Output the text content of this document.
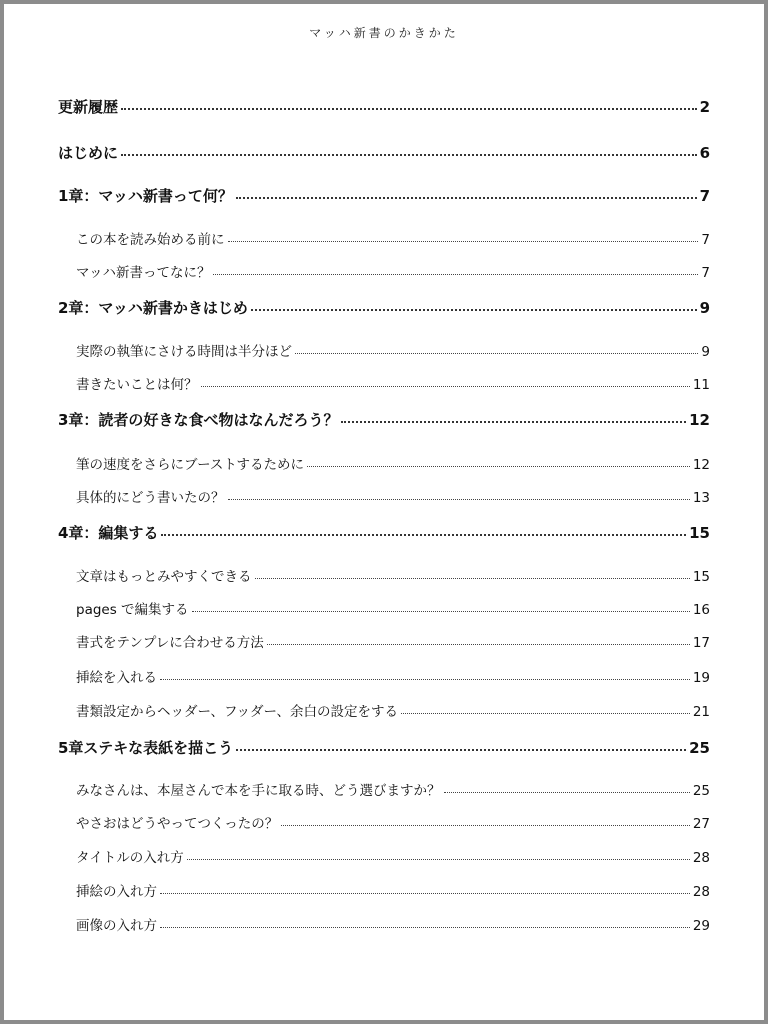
マッハ新書のかきかた
更新履歴	2
はじめに	6
1章：マッハ新書って何？	7
この本を読み始める前に	7
マッハ新書ってなに？	7
2章：マッハ新書かきはじめ	9
実際の執筆にさける時間は半分ほど	9
書きたいことは何？	11
3章：読者の好きな食べ物はなんだろう？	12
筆の速度をさらにブーストするために	12
具体的にどう書いたの？	13
4章：編集する	15
文章はもっとみやすくできる	15
pages で編集する	16
書式をテンプレに合わせる方法	17
挿絵を入れる	19
書類設定からヘッダー、フッダー、余白の設定をする	21
5章ステキな表紙を描こう	25
みなさんは、本屋さんで本を手に取る時、どう選びますか？	25
やさおはどうやってつくったの？	27
タイトルの入れ方	28
挿絵の入れ方	28
画像の入れ方	29
